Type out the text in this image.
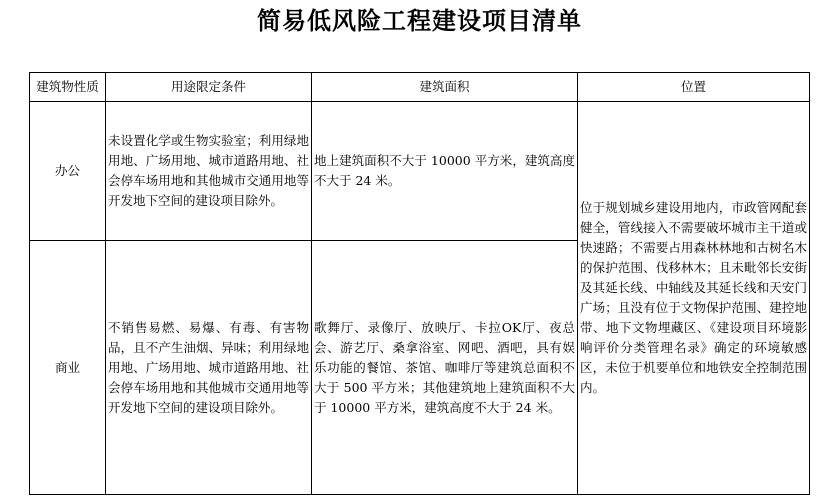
简易低风险工程建设项目清单
建筑物性质	用途限定条件	建筑面积	位置
办公	未设置化学或生物实验室；利用绿地用地、广场用地、城市道路用地、社会停车场用地和其他城市交通用地等开发地下空间的建设项目除外。	地上建筑面积不大于 10000 平方米，建筑高度不大于 24 米。	位于规划城乡建设用地内，市政管网配套健全，管线接入不需要破坏城市主干道或快速路；不需要占用森林林地和古树名木的保护范围、伐移林木；且未毗邻长安街及其延长线、中轴线及其延长线和天安门广场；且没有位于文物保护范围、建控地带、地下文物埋藏区、《建设项目环境影响评价分类管理名录》确定的环境敏感区，未位于机要单位和地铁安全控制范围内。
商业	不销售易燃、易爆、有毒、有害物品，且不产生油烟、异味；利用绿地用地、广场用地、城市道路用地、社会停车场用地和其他城市交通用地等开发地下空间的建设项目除外。	歌舞厅、录像厅、放映厅、卡拉OK厅、夜总会、游艺厅、桑拿浴室、网吧、酒吧，具有娱乐功能的餐馆、茶馆、咖啡厅等建筑总面积不大于 500 平方米；其他建筑地上建筑面积不大于 10000 平方米，建筑高度不大于 24 米。	
